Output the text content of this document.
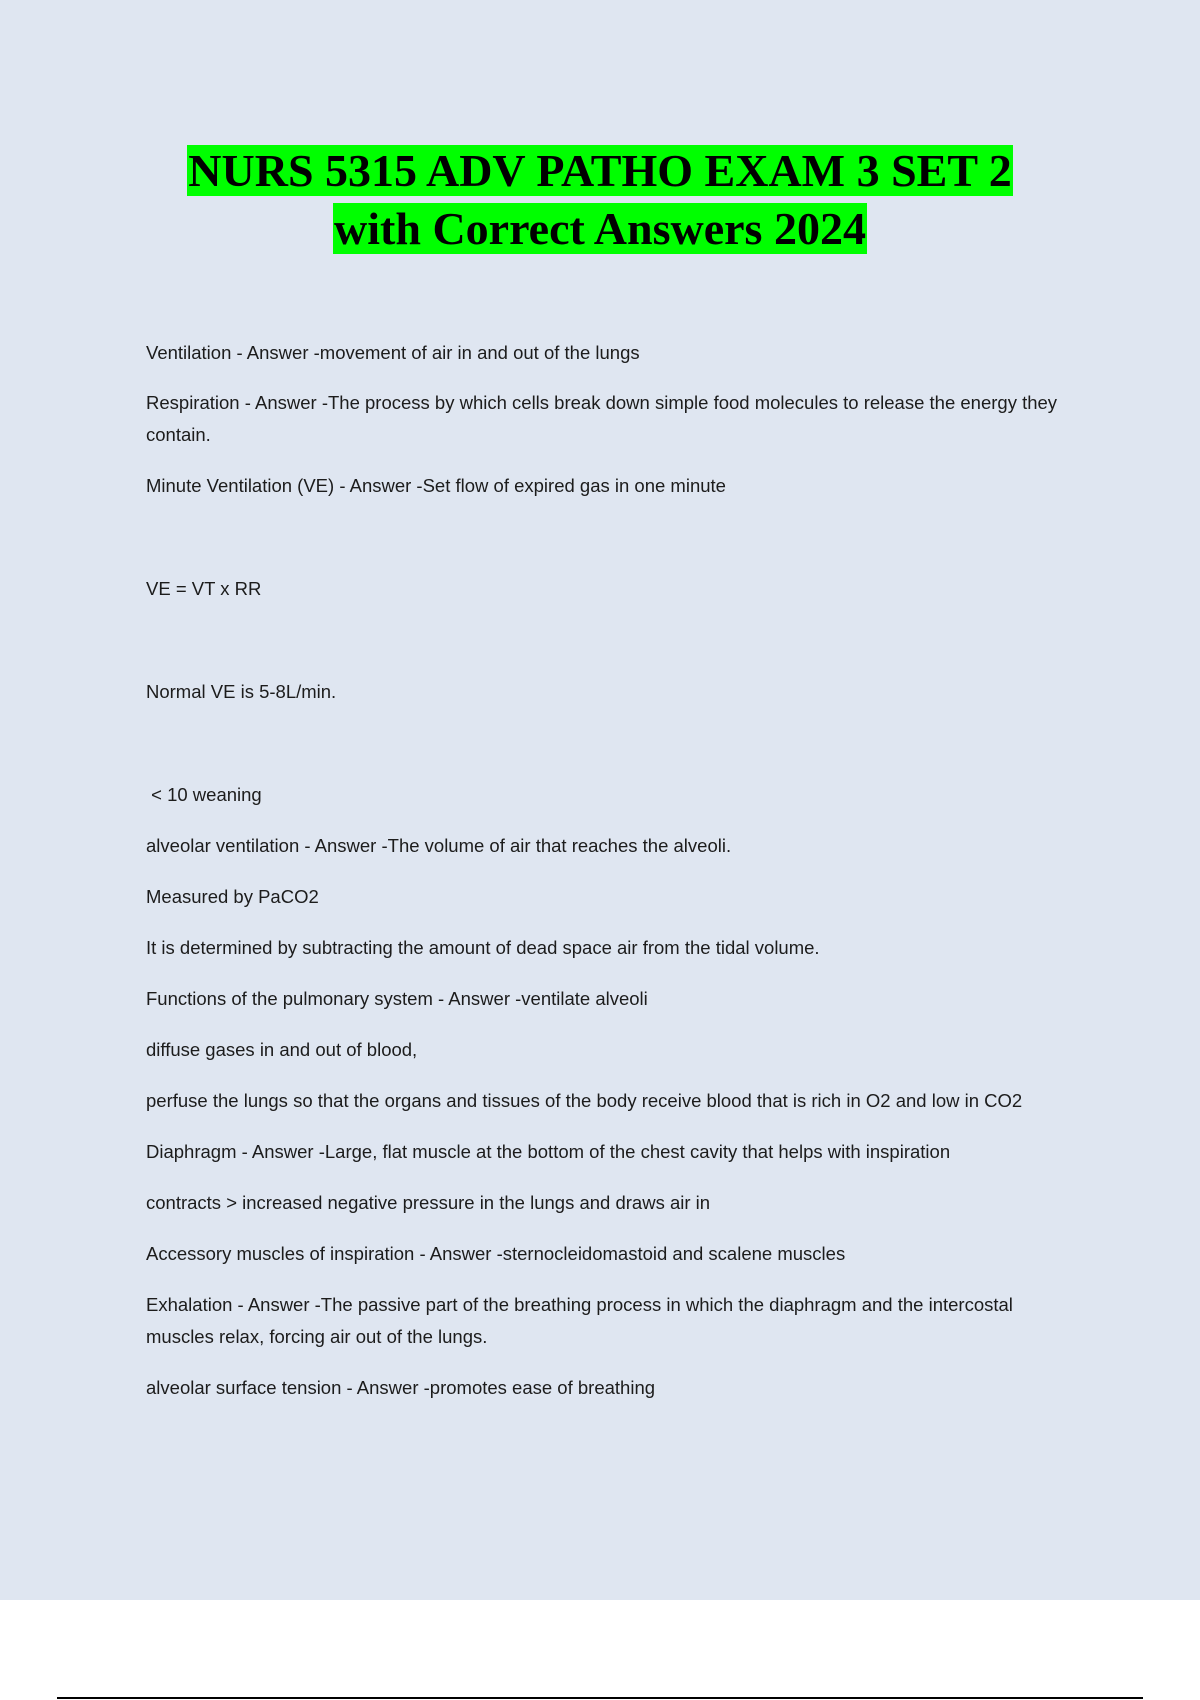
NURS 5315 ADV PATHO EXAM 3 SET 2
with Correct Answers 2024

Ventilation - Answer -movement of air in and out of the lungs

Respiration - Answer -The process by which cells break down simple food molecules to release the energy they contain.

Minute Ventilation (VE) - Answer -Set flow of expired gas in one minute

VE = VT x RR

Normal VE is 5-8L/min.

< 10 weaning

alveolar ventilation - Answer -The volume of air that reaches the alveoli.

Measured by PaCO2

It is determined by subtracting the amount of dead space air from the tidal volume.

Functions of the pulmonary system - Answer -ventilate alveoli

diffuse gases in and out of blood,

perfuse the lungs so that the organs and tissues of the body receive blood that is rich in O2 and low in CO2

Diaphragm - Answer -Large, flat muscle at the bottom of the chest cavity that helps with inspiration

contracts > increased negative pressure in the lungs and draws air in

Accessory muscles of inspiration - Answer -sternocleidomastoid and scalene muscles

Exhalation - Answer -The passive part of the breathing process in which the diaphragm and the intercostal muscles relax, forcing air out of the lungs.

alveolar surface tension - Answer -promotes ease of breathing
